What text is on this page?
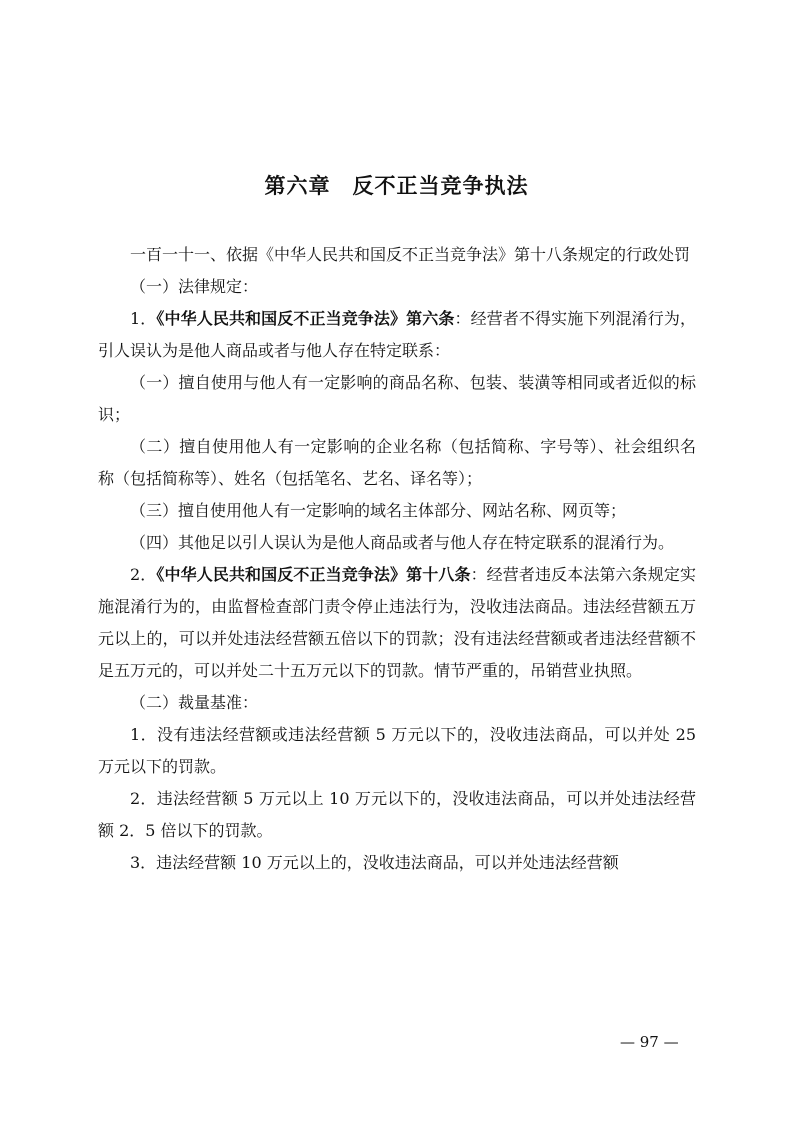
第六章　反不正当竞争执法

一百一十一、依据《中华人民共和国反不正当竞争法》第十八条规定的行政处罚

（一）法律规定：

1．《中华人民共和国反不正当竞争法》第六条：经营者不得实施下列混淆行为，引人误认为是他人商品或者与他人存在特定联系：

（一）擅自使用与他人有一定影响的商品名称、包装、装潢等相同或者近似的标识；

（二）擅自使用他人有一定影响的企业名称（包括简称、字号等）、社会组织名称（包括简称等）、姓名（包括笔名、艺名、译名等）；

（三）擅自使用他人有一定影响的域名主体部分、网站名称、网页等；

（四）其他足以引人误认为是他人商品或者与他人存在特定联系的混淆行为。

2．《中华人民共和国反不正当竞争法》第十八条：经营者违反本法第六条规定实施混淆行为的，由监督检查部门责令停止违法行为，没收违法商品。违法经营额五万元以上的，可以并处违法经营额五倍以下的罚款；没有违法经营额或者违法经营额不足五万元的，可以并处二十五万元以下的罚款。情节严重的，吊销营业执照。

（二）裁量基准：

1．没有违法经营额或违法经营额 5 万元以下的，没收违法商品，可以并处 25 万元以下的罚款。

2．违法经营额 5 万元以上 10 万元以下的，没收违法商品，可以并处违法经营额 2．5 倍以下的罚款。

3．违法经营额 10 万元以上的，没收违法商品，可以并处违法经营额

— 97 —
